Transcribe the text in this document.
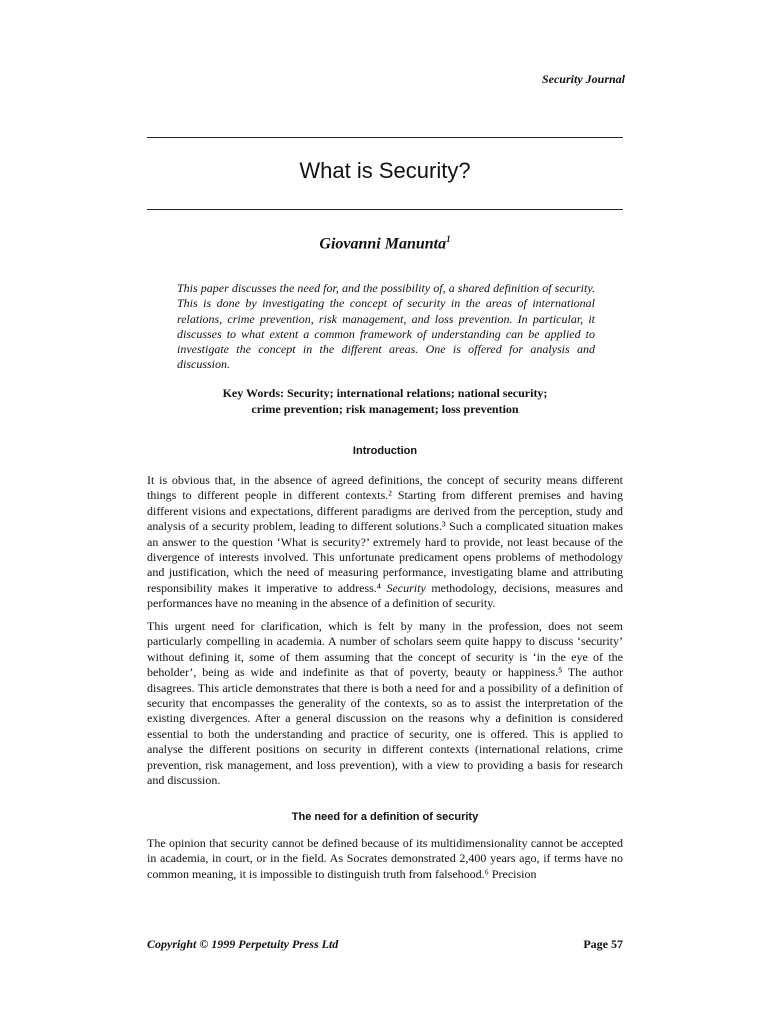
Security Journal
What is Security?
Giovanni Manunta$^1$
This paper discusses the need for, and the possibility of, a shared definition of security. This is done by investigating the concept of security in the areas of international relations, crime prevention, risk management, and loss prevention. In particular, it discusses to what extent a common framework of understanding can be applied to investigate the concept in the different areas. One is offered for analysis and discussion.
Key Words: Security; international relations; national security;
crime prevention; risk management; loss prevention
Introduction
It is obvious that, in the absence of agreed definitions, the concept of security means different things to different people in different contexts.² Starting from different premises and having different visions and expectations, different paradigms are derived from the perception, study and analysis of a security problem, leading to different solutions.³ Such a complicated situation makes an answer to the question ‘What is security?’ extremely hard to provide, not least because of the divergence of interests involved. This unfortunate predicament opens problems of methodology and justification, which the need of measuring performance, investigating blame and attributing responsibility makes it imperative to address.⁴ Security methodology, decisions, measures and performances have no meaning in the absence of a definition of security.
This urgent need for clarification, which is felt by many in the profession, does not seem particularly compelling in academia. A number of scholars seem quite happy to discuss ‘security’ without defining it, some of them assuming that the concept of security is ‘in the eye of the beholder’, being as wide and indefinite as that of poverty, beauty or happiness.⁵ The author disagrees. This article demonstrates that there is both a need for and a possibility of a definition of security that encompasses the generality of the contexts, so as to assist the interpretation of the existing divergences. After a general discussion on the reasons why a definition is considered essential to both the understanding and practice of security, one is offered. This is applied to analyse the different positions on security in different contexts (international relations, crime prevention, risk management, and loss prevention), with a view to providing a basis for research and discussion.
The need for a definition of security
The opinion that security cannot be defined because of its multidimensionality cannot be accepted in academia, in court, or in the field. As Socrates demonstrated 2,400 years ago, if terms have no common meaning, it is impossible to distinguish truth from falsehood.⁶ Precision
Copyright © 1999 Perpetuity Press Ltd	Page 57
